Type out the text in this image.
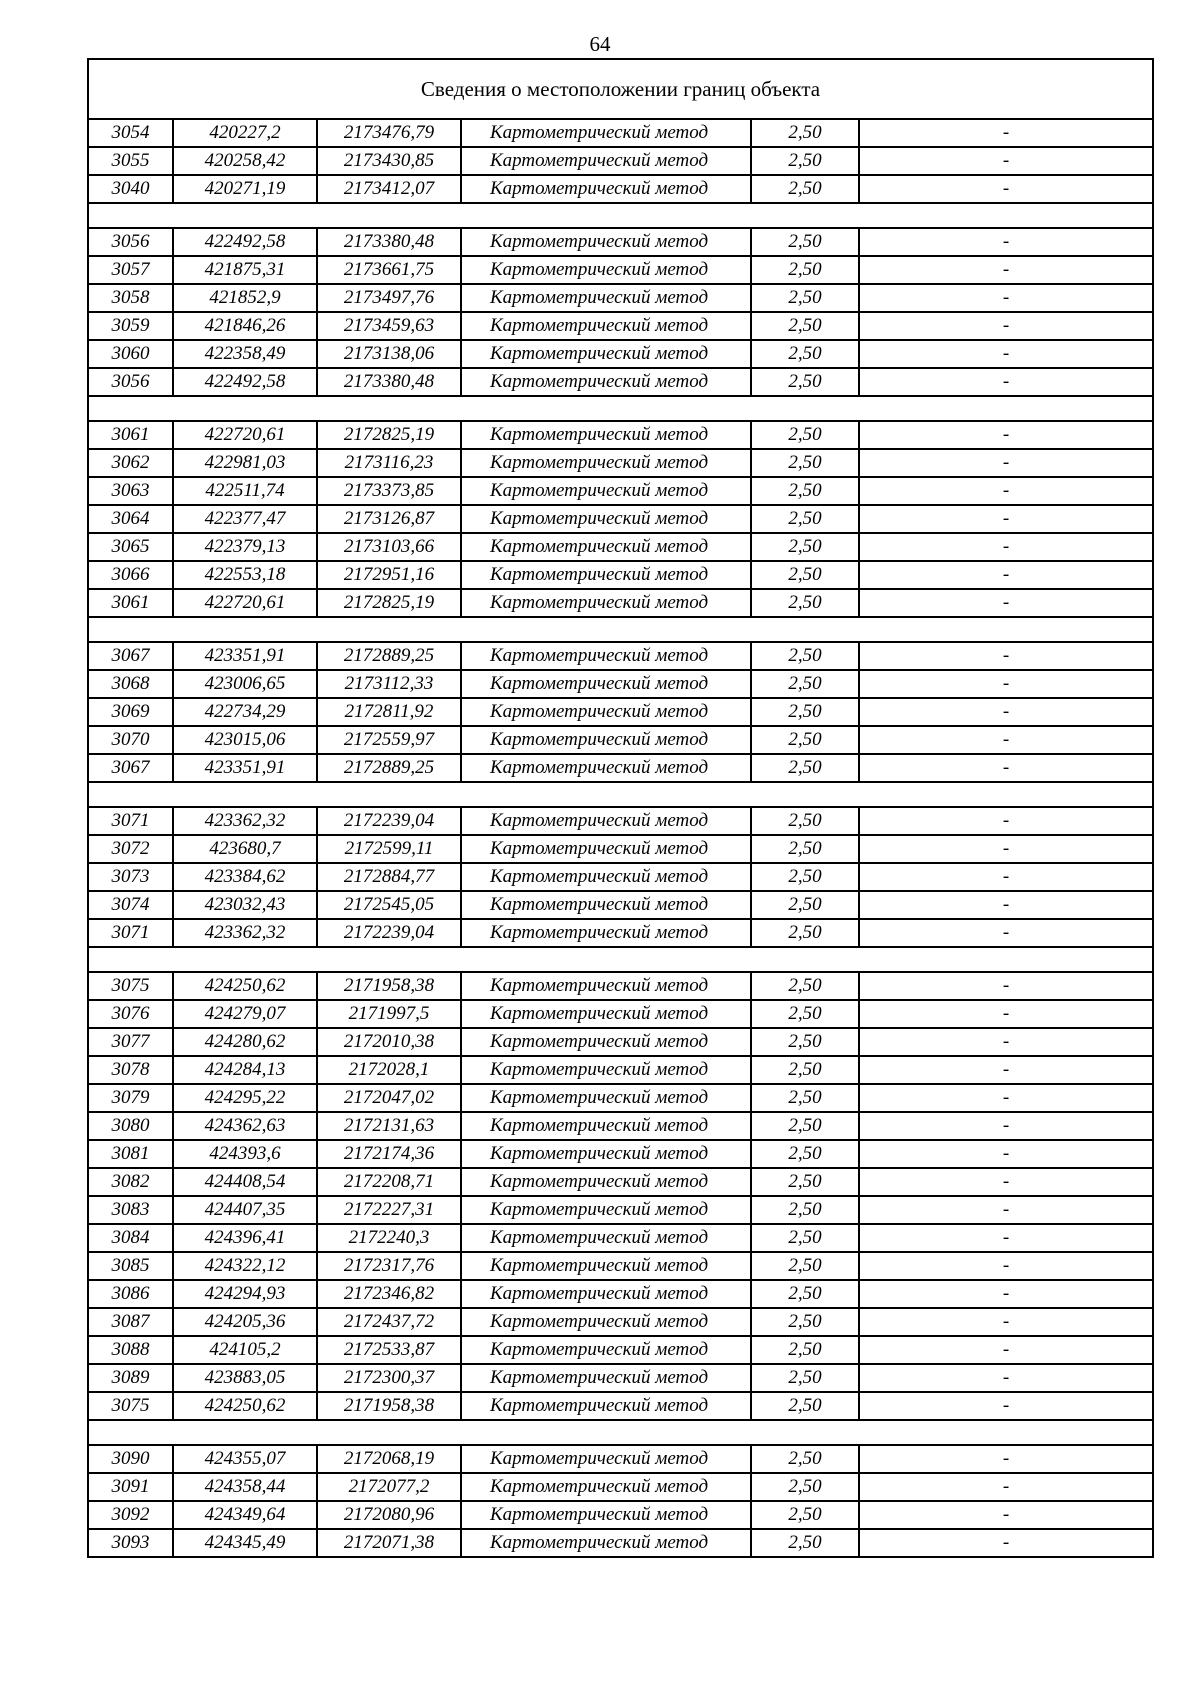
64
Сведения о местоположении границ объекта					
3054	420227,2	2173476,79	Картометрический метод	2,50	-
3055	420258,42	2173430,85	Картометрический метод	2,50	-
3040	420271,19	2173412,07	Картометрический метод	2,50	-

3056	422492,58	2173380,48	Картометрический метод	2,50	-
3057	421875,31	2173661,75	Картометрический метод	2,50	-
3058	421852,9	2173497,76	Картометрический метод	2,50	-
3059	421846,26	2173459,63	Картометрический метод	2,50	-
3060	422358,49	2173138,06	Картометрический метод	2,50	-
3056	422492,58	2173380,48	Картометрический метод	2,50	-

3061	422720,61	2172825,19	Картометрический метод	2,50	-
3062	422981,03	2173116,23	Картометрический метод	2,50	-
3063	422511,74	2173373,85	Картометрический метод	2,50	-
3064	422377,47	2173126,87	Картометрический метод	2,50	-
3065	422379,13	2173103,66	Картометрический метод	2,50	-
3066	422553,18	2172951,16	Картометрический метод	2,50	-
3061	422720,61	2172825,19	Картометрический метод	2,50	-

3067	423351,91	2172889,25	Картометрический метод	2,50	-
3068	423006,65	2173112,33	Картометрический метод	2,50	-
3069	422734,29	2172811,92	Картометрический метод	2,50	-
3070	423015,06	2172559,97	Картометрический метод	2,50	-
3067	423351,91	2172889,25	Картометрический метод	2,50	-

3071	423362,32	2172239,04	Картометрический метод	2,50	-
3072	423680,7	2172599,11	Картометрический метод	2,50	-
3073	423384,62	2172884,77	Картометрический метод	2,50	-
3074	423032,43	2172545,05	Картометрический метод	2,50	-
3071	423362,32	2172239,04	Картометрический метод	2,50	-

3075	424250,62	2171958,38	Картометрический метод	2,50	-
3076	424279,07	2171997,5	Картометрический метод	2,50	-
3077	424280,62	2172010,38	Картометрический метод	2,50	-
3078	424284,13	2172028,1	Картометрический метод	2,50	-
3079	424295,22	2172047,02	Картометрический метод	2,50	-
3080	424362,63	2172131,63	Картометрический метод	2,50	-
3081	424393,6	2172174,36	Картометрический метод	2,50	-
3082	424408,54	2172208,71	Картометрический метод	2,50	-
3083	424407,35	2172227,31	Картометрический метод	2,50	-
3084	424396,41	2172240,3	Картометрический метод	2,50	-
3085	424322,12	2172317,76	Картометрический метод	2,50	-
3086	424294,93	2172346,82	Картометрический метод	2,50	-
3087	424205,36	2172437,72	Картометрический метод	2,50	-
3088	424105,2	2172533,87	Картометрический метод	2,50	-
3089	423883,05	2172300,37	Картометрический метод	2,50	-
3075	424250,62	2171958,38	Картометрический метод	2,50	-

3090	424355,07	2172068,19	Картометрический метод	2,50	-
3091	424358,44	2172077,2	Картометрический метод	2,50	-
3092	424349,64	2172080,96	Картометрический метод	2,50	-
3093	424345,49	2172071,38	Картометрический метод	2,50	-
